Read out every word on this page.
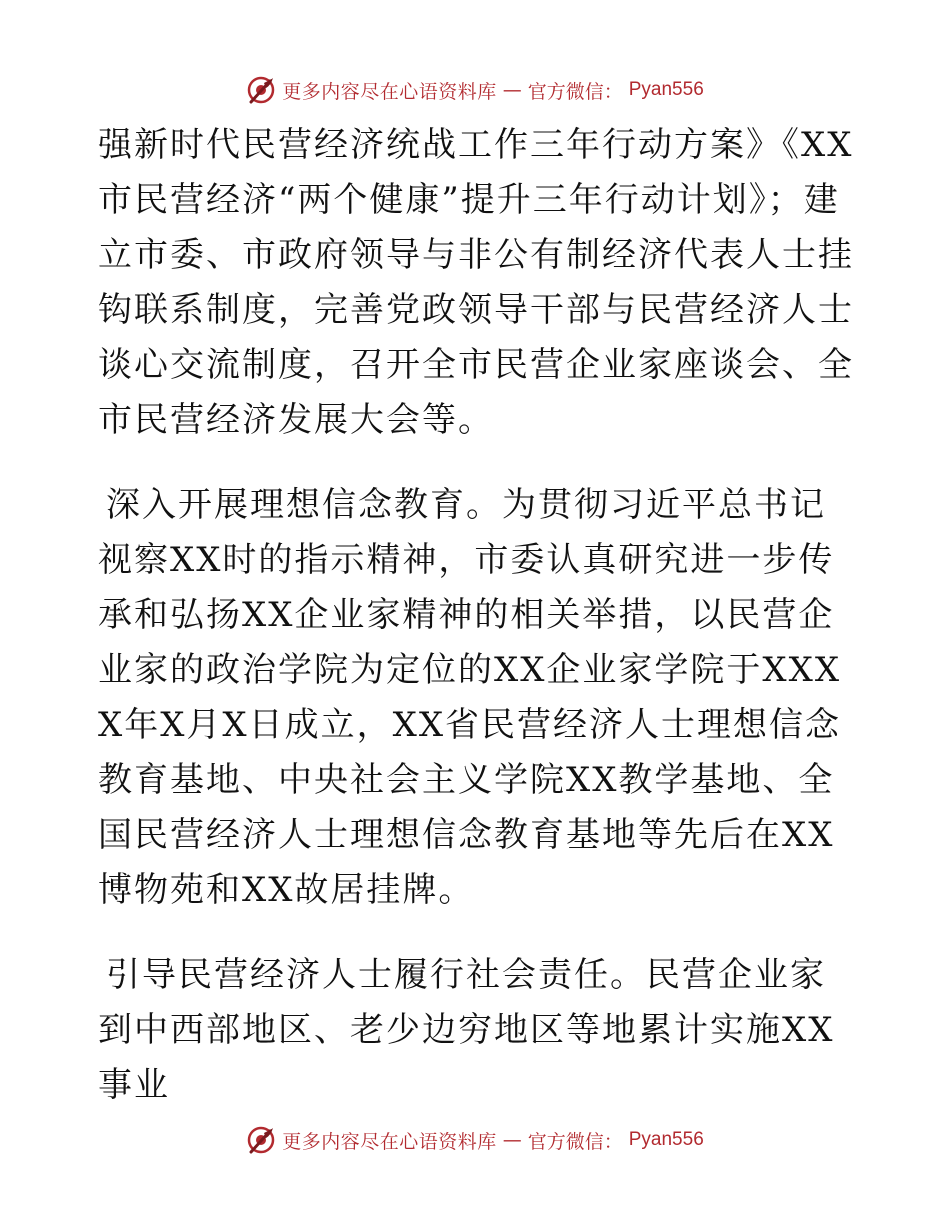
更多内容尽在心语资料库 — 官方微信： Pyan556

强新时代民营经济统战工作三年行动方案》《XX市民营经济“两个健康”提升三年行动计划》；建立市委、市政府领导与非公有制经济代表人士挂钩联系制度，完善党政领导干部与民营经济人士谈心交流制度，召开全市民营企业家座谈会、全市民营经济发展大会等。

深入开展理想信念教育。为贯彻习近平总书记视察XX时的指示精神，市委认真研究进一步传承和弘扬XX企业家精神的相关举措，以民营企业家的政治学院为定位的XX企业家学院于XXXX年X月X日成立，XX省民营经济人士理想信念教育基地、中央社会主义学院XX教学基地、全国民营经济人士理想信念教育基地等先后在XX博物苑和XX故居挂牌。

引导民营经济人士履行社会责任。民营企业家到中西部地区、老少边穷地区等地累计实施XX事业

更多内容尽在心语资料库 — 官方微信： Pyan556
